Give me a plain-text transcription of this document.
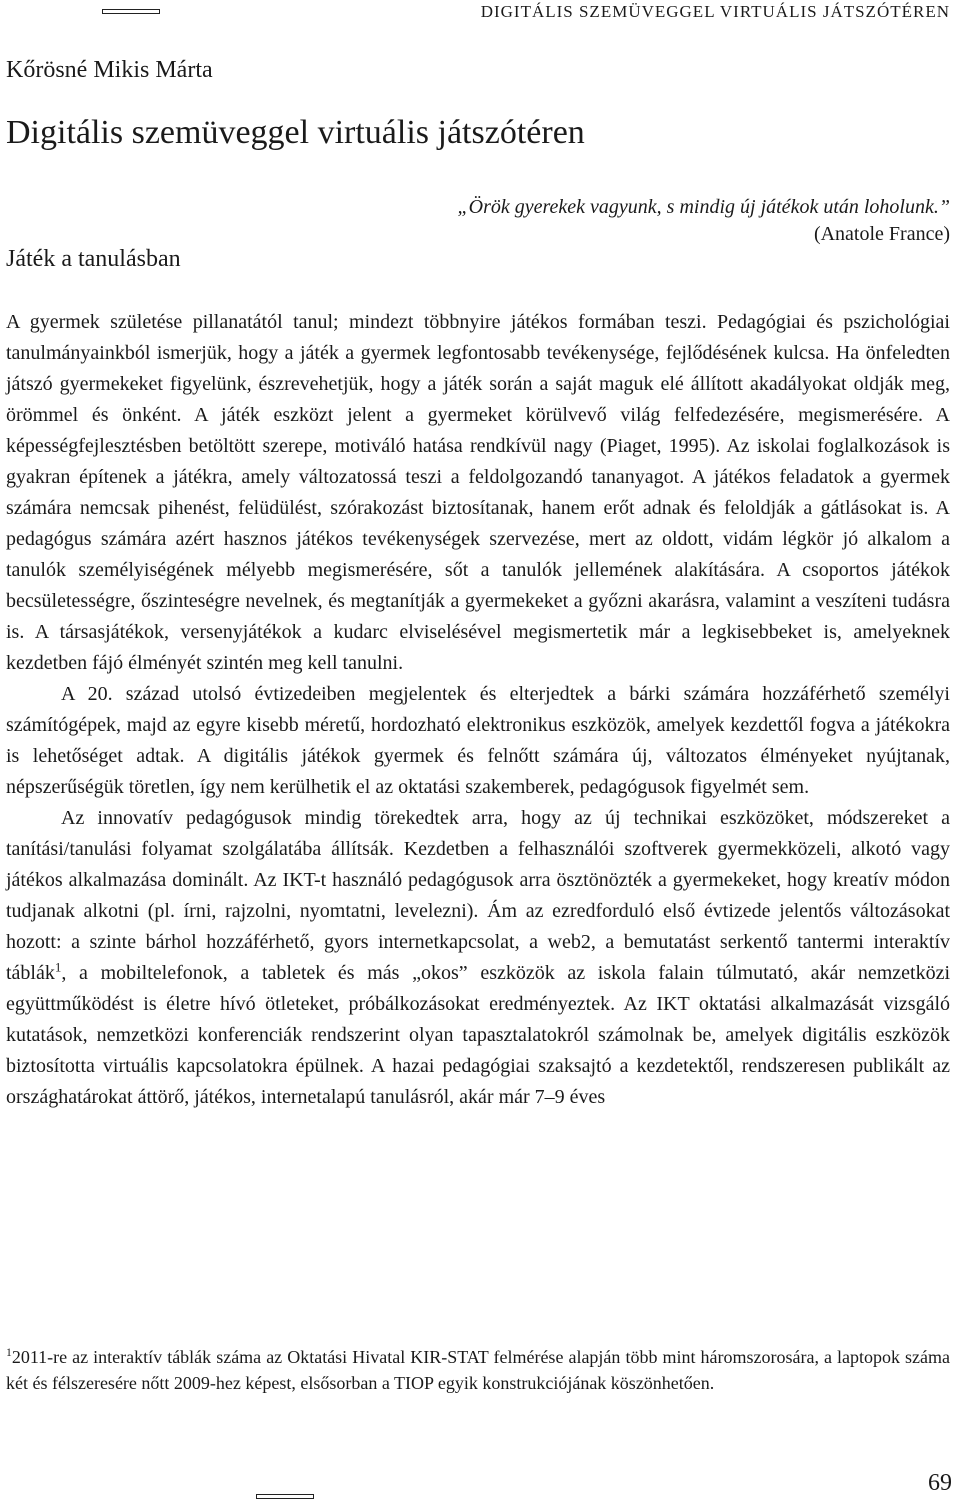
DIGITÁLIS SZEMÜVEGGEL VIRTUÁLIS JÁTSZÓTÉREN
Kőrösné Mikis Márta
Digitális szemüveggel virtuális játszótéren
„Örök gyerekek vagyunk, s mindig új játékok után loholunk.”
(Anatole France)
Játék a tanulásban

A gyermek születése pillanatától tanul; mindezt többnyire játékos formában teszi. Pedagógiai és pszichológiai tanulmányainkból ismerjük, hogy a játék a gyermek legfontosabb tevékenysége, fejlődésének kulcsa. Ha önfeledten játszó gyermekeket figyelünk, észrevehetjük, hogy a játék során a saját maguk elé állított akadályokat oldják meg, örömmel és önként. A játék eszközt jelent a gyermeket körülvevő világ felfedezésére, megismerésére. A képességfejlesztésben betöltött szerepe, motiváló hatása rendkívül nagy (Piaget, 1995). Az iskolai foglalkozások is gyakran építenek a játékra, amely változatossá teszi a feldolgozandó tananyagot. A játékos feladatok a gyermek számára nemcsak pihenést, felüdülést, szórakozást biztosítanak, hanem erőt adnak és feloldják a gátlásokat is. A pedagógus számára azért hasznos játékos tevékenységek szervezése, mert az oldott, vidám légkör jó alkalom a tanulók személyiségének mélyebb megismerésére, sőt a tanulók jellemének alakítására. A csoportos játékok becsületességre, őszinteségre nevelnek, és megtanítják a gyermekeket a győzni akarásra, valamint a veszíteni tudásra is. A társasjátékok, versenyjátékok a kudarc elviselésével megismertetik már a legkisebbeket is, amelyeknek kezdetben fájó élményét szintén meg kell tanulni.

A 20. század utolsó évtizedeiben megjelentek és elterjedtek a bárki számára hozzáférhető személyi számítógépek, majd az egyre kisebb méretű, hordozható elektronikus eszközök, amelyek kezdettől fogva a játékokra is lehetőséget adtak. A digitális játékok gyermek és felnőtt számára új, változatos élményeket nyújtanak, népszerűségük töretlen, így nem kerülhetik el az oktatási szakemberek, pedagógusok figyelmét sem.

Az innovatív pedagógusok mindig törekedtek arra, hogy az új technikai eszközöket, módszereket a tanítási/tanulási folyamat szolgálatába állítsák. Kezdetben a felhasználói szoftverek gyermekközeli, alkotó vagy játékos alkalmazása dominált. Az IKT-t használó pedagógusok arra ösztönözték a gyermekeket, hogy kreatív módon tudjanak alkotni (pl. írni, rajzolni, nyomtatni, levelezni). Ám az ezredforduló első évtizede jelentős változásokat hozott: a szinte bárhol hozzáférhető, gyors internetkapcsolat, a web2, a bemutatást serkentő tantermi interaktív táblák$^1$, a mobiltelefonok, a tabletek és más „okos” eszközök az iskola falain túlmutató, akár nemzetközi együttműködést is életre hívó ötleteket, próbálkozásokat eredményeztek. Az IKT oktatási alkalmazását vizsgáló kutatások, nemzetközi konferenciák rendszerint olyan tapasztalatokról számolnak be, amelyek digitális eszközök biztosította virtuális kapcsolatokra épülnek. A hazai pedagógiai szaksajtó a kezdetektől, rendszeresen publikált az országhatárokat áttörő, játékos, internetalapú tanulásról, akár már 7–9 éves

$^1$2011-re az interaktív táblák száma az Oktatási Hivatal KIR-STAT felmérése alapján több mint háromszorosára, a laptopok száma két és félszeresére nőtt 2009-hez képest, elsősorban a TIOP egyik konstrukciójának köszönhetően.

69
